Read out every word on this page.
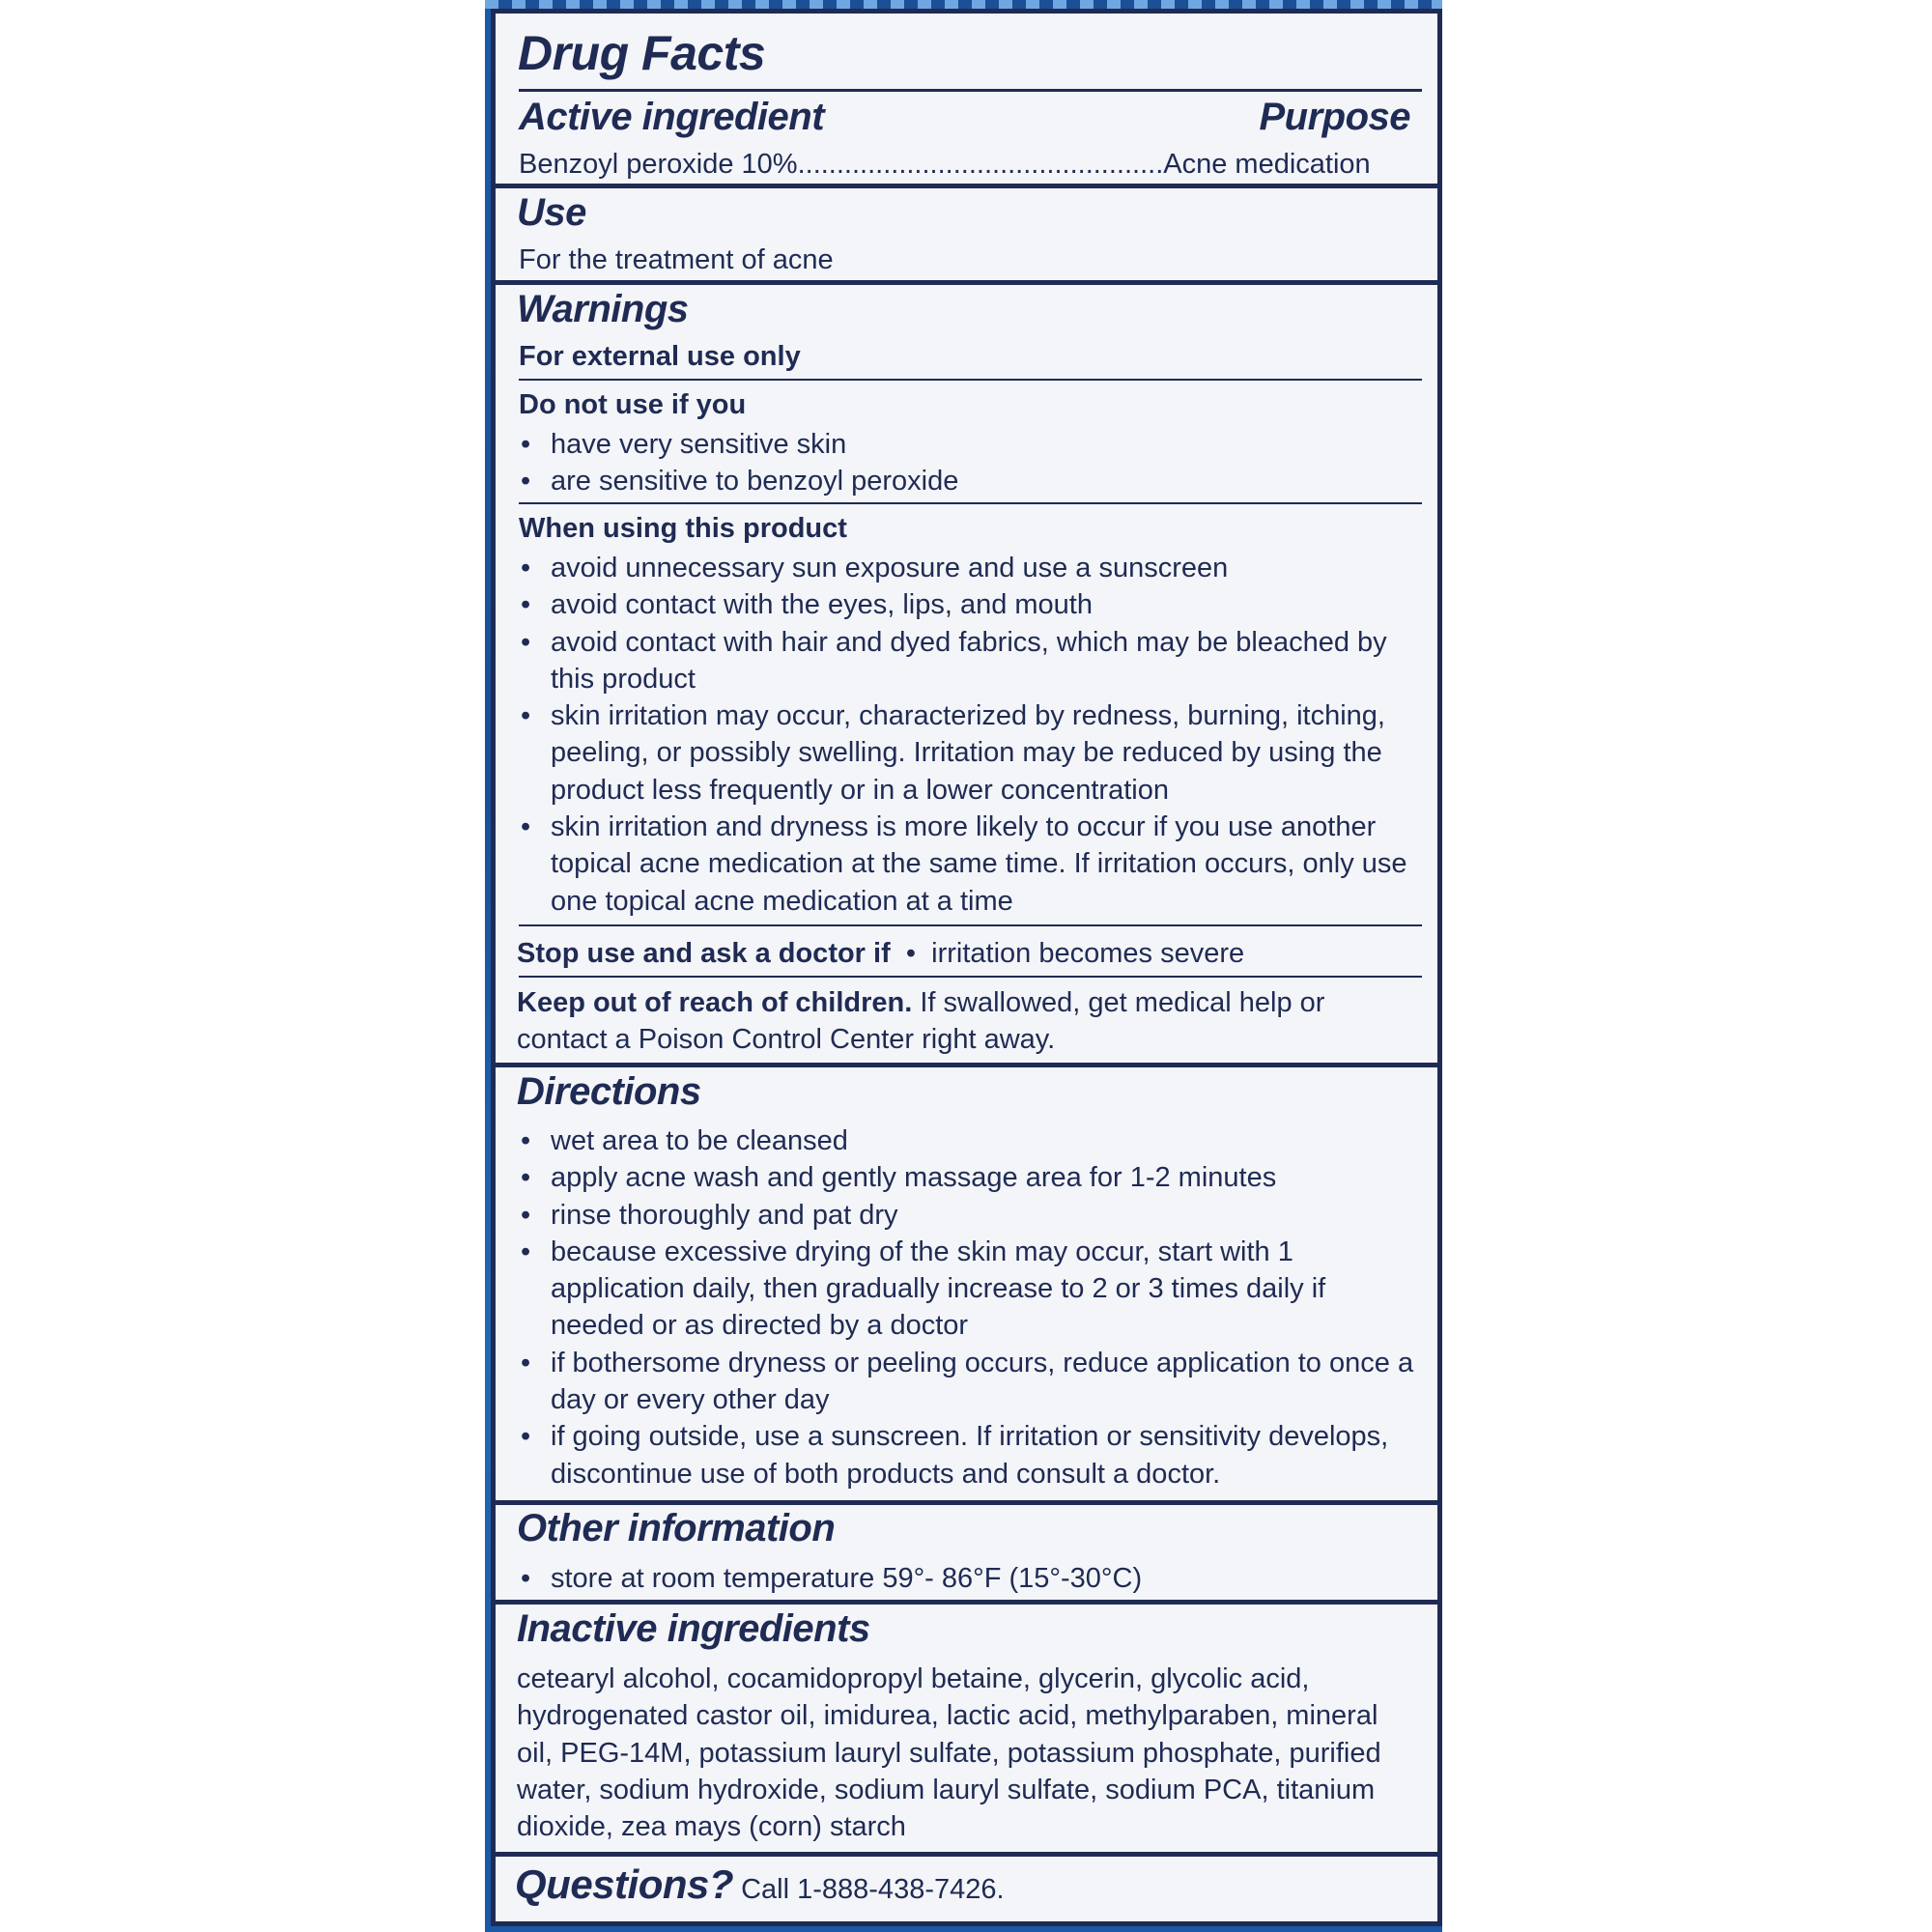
Drug Facts
Active ingredient	Purpose
Benzoyl peroxide 10%...............................................Acne medication
Use
For the treatment of acne
Warnings
For external use only
Do not use if you
• have very sensitive skin
• are sensitive to benzoyl peroxide
When using this product
• avoid unnecessary sun exposure and use a sunscreen
• avoid contact with the eyes, lips, and mouth
• avoid contact with hair and dyed fabrics, which may be bleached by this product
• skin irritation may occur, characterized by redness, burning, itching, peeling, or possibly swelling. Irritation may be reduced by using the product less frequently or in a lower concentration
• skin irritation and dryness is more likely to occur if you use another topical acne medication at the same time. If irritation occurs, only use one topical acne medication at a time
Stop use and ask a doctor if  •  irritation becomes severe
Keep out of reach of children. If swallowed, get medical help or contact a Poison Control Center right away.
Directions
• wet area to be cleansed
• apply acne wash and gently massage area for 1-2 minutes
• rinse thoroughly and pat dry
• because excessive drying of the skin may occur, start with 1 application daily, then gradually increase to 2 or 3 times daily if needed or as directed by a doctor
• if bothersome dryness or peeling occurs, reduce application to once a day or every other day
• if going outside, use a sunscreen. If irritation or sensitivity develops, discontinue use of both products and consult a doctor.
Other information
• store at room temperature 59°- 86°F (15°-30°C)
Inactive ingredients
cetearyl alcohol, cocamidopropyl betaine, glycerin, glycolic acid, hydrogenated castor oil, imidurea, lactic acid, methylparaben, mineral oil, PEG-14M, potassium lauryl sulfate, potassium phosphate, purified water, sodium hydroxide, sodium lauryl sulfate, sodium PCA, titanium dioxide, zea mays (corn) starch
Questions? Call 1-888-438-7426.
